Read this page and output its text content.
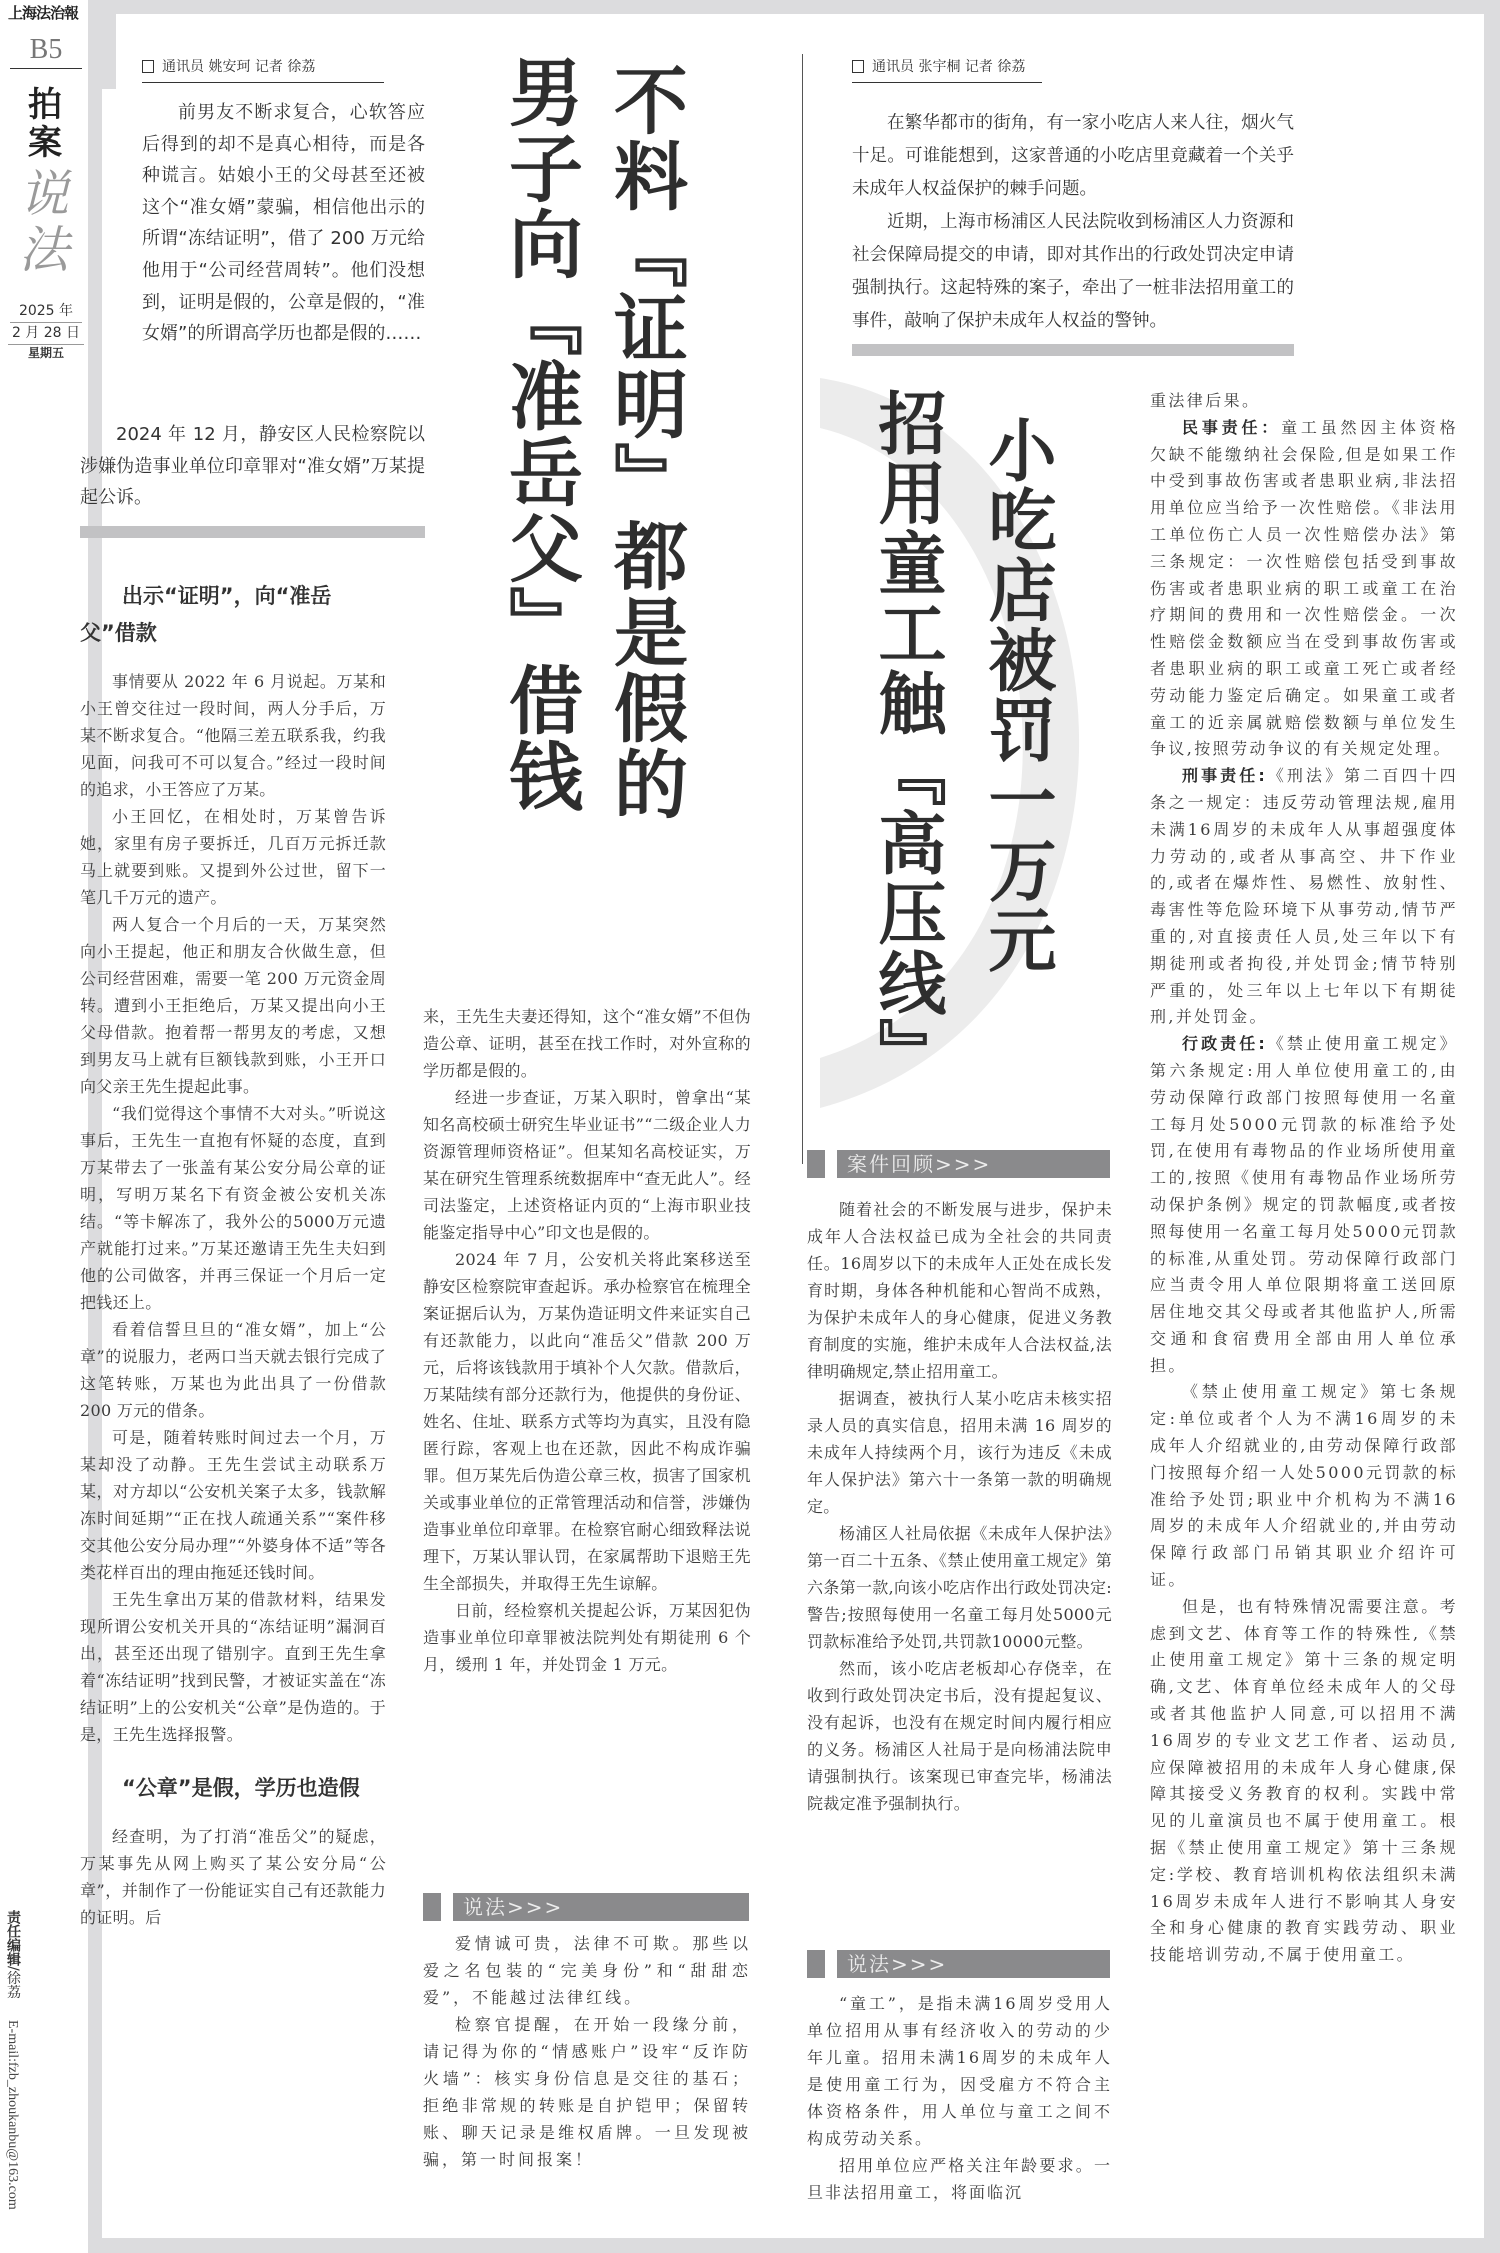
上海法治報
B5
拍案
说法
2025 年
2 月 28 日
星期五
责任编辑/徐荔
E-mail:fzb_zhoukanbu@163.com
通讯员 姚安珂 记者 徐荔

前男友不断求复合，心软答应后得到的却不是真心相待，而是各种谎言。姑娘小王的父母甚至还被这个“准女婿”蒙骗，相信他出示的所谓“冻结证明”，借了 200 万元给他用于“公司经营周转”。他们没想到，证明是假的，公章是假的，“准女婿”的所谓高学历也都是假的……

2024 年 12 月，静安区人民检察院以涉嫌伪造事业单位印章罪对“准女婿”万某提起公诉。	不料『证明』都是假的
男子向『准岳父』借钱
出示“证明”，向“准岳父”借款

事情要从 2022 年 6 月说起。万某和小王曾交往过一段时间，两人分手后，万某不断求复合。“他隔三差五联系我，约我见面，问我可不可以复合。”经过一段时间的追求，小王答应了万某。

小王回忆，在相处时，万某曾告诉她，家里有房子要拆迁，几百万元拆迁款马上就要到账。又提到外公过世，留下一笔几千万元的遗产。

两人复合一个月后的一天，万某突然向小王提起，他正和朋友合伙做生意，但公司经营困难，需要一笔 200 万元资金周转。遭到小王拒绝后，万某又提出向小王父母借款。抱着帮一帮男友的考虑，又想到男友马上就有巨额钱款到账，小王开口向父亲王先生提起此事。

“我们觉得这个事情不大对头。”听说这事后，王先生一直抱有怀疑的态度，直到万某带去了一张盖有某公安分局公章的证明，写明万某名下有资金被公安机关冻结。“等卡解冻了，我外公的5000万元遗产就能打过来。”万某还邀请王先生夫妇到他的公司做客，并再三保证一个月后一定把钱还上。

看着信誓旦旦的“准女婿”，加上“公章”的说服力，老两口当天就去银行完成了这笔转账，万某也为此出具了一份借款 200 万元的借条。

可是，随着转账时间过去一个月，万某却没了动静。王先生尝试主动联系万某，对方却以“公安机关案子太多，钱款解冻时间延期”“正在找人疏通关系”“案件移交其他公安分局办理”“外婆身体不适”等各类花样百出的理由拖延还钱时间。

王先生拿出万某的借款材料，结果发现所谓公安机关开具的“冻结证明”漏洞百出，甚至还出现了错别字。直到王先生拿着“冻结证明”找到民警，才被证实盖在“冻结证明”上的公安机关“公章”是伪造的。于是，王先生选择报警。

“公章”是假，学历也造假

经查明，为了打消“准岳父”的疑虑，万某事先从网上购买了某公安分局“公章”，并制作了一份能证实自己有还款能力的证明。后

来，王先生夫妻还得知，这个“准女婿”不但伪造公章、证明，甚至在找工作时，对外宣称的学历都是假的。

经进一步查证，万某入职时，曾拿出“某知名高校硕士研究生毕业证书”“二级企业人力资源管理师资格证”。但某知名高校证实，万某在研究生管理系统数据库中“查无此人”。经司法鉴定，上述资格证内页的“上海市职业技能鉴定指导中心”印文也是假的。

2024 年 7 月，公安机关将此案移送至静安区检察院审查起诉。承办检察官在梳理全案证据后认为，万某伪造证明文件来证实自己有还款能力，以此向“准岳父”借款 200 万元，后将该钱款用于填补个人欠款。借款后，万某陆续有部分还款行为，他提供的身份证、姓名、住址、联系方式等均为真实，且没有隐匿行踪，客观上也在还款，因此不构成诈骗罪。但万某先后伪造公章三枚，损害了国家机关或事业单位的正常管理活动和信誉，涉嫌伪造事业单位印章罪。在检察官耐心细致释法说理下，万某认罪认罚，在家属帮助下退赔王先生全部损失，并取得王先生谅解。

日前，经检察机关提起公诉，万某因犯伪造事业单位印章罪被法院判处有期徒刑 6 个月，缓刑 1 年，并处罚金 1 万元。

说法>>>

爱情诚可贵，法律不可欺。那些以爱之名包装的“完美身份”和“甜甜恋爱”，不能越过法律红线。

检察官提醒，在开始一段缘分前，请记得为你的“情感账户”设牢“反诈防火墙”：核实身份信息是交往的基石；拒绝非常规的转账是自护铠甲；保留转账、聊天记录是维权盾牌。一旦发现被骗，第一时间报案！

通讯员 张宇桐 记者 徐荔

在繁华都市的街角，有一家小吃店人来人往，烟火气十足。可谁能想到，这家普通的小吃店里竟藏着一个关乎未成年人权益保护的棘手问题。

近期，上海市杨浦区人民法院收到杨浦区人力资源和社会保障局提交的申请，即对其作出的行政处罚决定申请强制执行。这起特殊的案子，牵出了一桩非法招用童工的事件，敲响了保护未成年人权益的警钟。

小吃店被罚一万元
招用童工触『高压线』
案件回顾>>>

随着社会的不断发展与进步，保护未成年人合法权益已成为全社会的共同责任。16周岁以下的未成年人正处在成长发育时期，身体各种机能和心智尚不成熟，为保护未成年人的身心健康，促进义务教育制度的实施，维护未成年人合法权益,法律明确规定,禁止招用童工。

据调查，被执行人某小吃店未核实招录人员的真实信息，招用未满 16 周岁的未成年人持续两个月，该行为违反《未成年人保护法》第六十一条第一款的明确规定。

杨浦区人社局依据《未成年人保护法》第一百二十五条、《禁止使用童工规定》第六条第一款,向该小吃店作出行政处罚决定:警告;按照每使用一名童工每月处5000元罚款标准给予处罚,共罚款10000元整。

然而，该小吃店老板却心存侥幸，在收到行政处罚决定书后，没有提起复议、没有起诉，也没有在规定时间内履行相应的义务。杨浦区人社局于是向杨浦法院申请强制执行。该案现已审查完毕，杨浦法院裁定准予强制执行。

说法>>>

“童工”，是指未满16周岁受用人单位招用从事有经济收入的劳动的少年儿童。招用未满16周岁的未成年人是使用童工行为，因受雇方不符合主体资格条件，用人单位与童工之间不构成劳动关系。

招用单位应严格关注年龄要求。一旦非法招用童工，将面临沉

重法律后果。

民事责任：童工虽然因主体资格欠缺不能缴纳社会保险,但是如果工作中受到事故伤害或者患职业病,非法招用单位应当给予一次性赔偿。《非法用工单位伤亡人员一次性赔偿办法》第三条规定：一次性赔偿包括受到事故伤害或者患职业病的职工或童工在治疗期间的费用和一次性赔偿金。一次性赔偿金数额应当在受到事故伤害或者患职业病的职工或童工死亡或者经劳动能力鉴定后确定。如果童工或者童工的近亲属就赔偿数额与单位发生争议,按照劳动争议的有关规定处理。

刑事责任:《刑法》第二百四十四条之一规定：违反劳动管理法规,雇用未满16周岁的未成年人从事超强度体力劳动的,或者从事高空、井下作业的,或者在爆炸性、易燃性、放射性、毒害性等危险环境下从事劳动,情节严重的,对直接责任人员,处三年以下有期徒刑或者拘役,并处罚金;情节特别严重的，处三年以上七年以下有期徒刑,并处罚金。

行政责任:《禁止使用童工规定》第六条规定:用人单位使用童工的,由劳动保障行政部门按照每使用一名童工每月处5000元罚款的标准给予处罚,在使用有毒物品的作业场所使用童工的,按照《使用有毒物品作业场所劳动保护条例》规定的罚款幅度,或者按照每使用一名童工每月处5000元罚款的标准,从重处罚。劳动保障行政部门应当责令用人单位限期将童工送回原居住地交其父母或者其他监护人,所需交通和食宿费用全部由用人单位承担。

《禁止使用童工规定》第七条规定:单位或者个人为不满16周岁的未成年人介绍就业的,由劳动保障行政部门按照每介绍一人处5000元罚款的标准给予处罚;职业中介机构为不满16周岁的未成年人介绍就业的,并由劳动保障行政部门吊销其职业介绍许可证。

但是，也有特殊情况需要注意。考虑到文艺、体育等工作的特殊性,《禁止使用童工规定》第十三条的规定明确,文艺、体育单位经未成年人的父母或者其他监护人同意,可以招用不满16周岁的专业文艺工作者、运动员,应保障被招用的未成年人身心健康,保障其接受义务教育的权利。实践中常见的儿童演员也不属于使用童工。根据《禁止使用童工规定》第十三条规定:学校、教育培训机构依法组织未满16周岁未成年人进行不影响其人身安全和身心健康的教育实践劳动、职业技能培训劳动,不属于使用童工。
